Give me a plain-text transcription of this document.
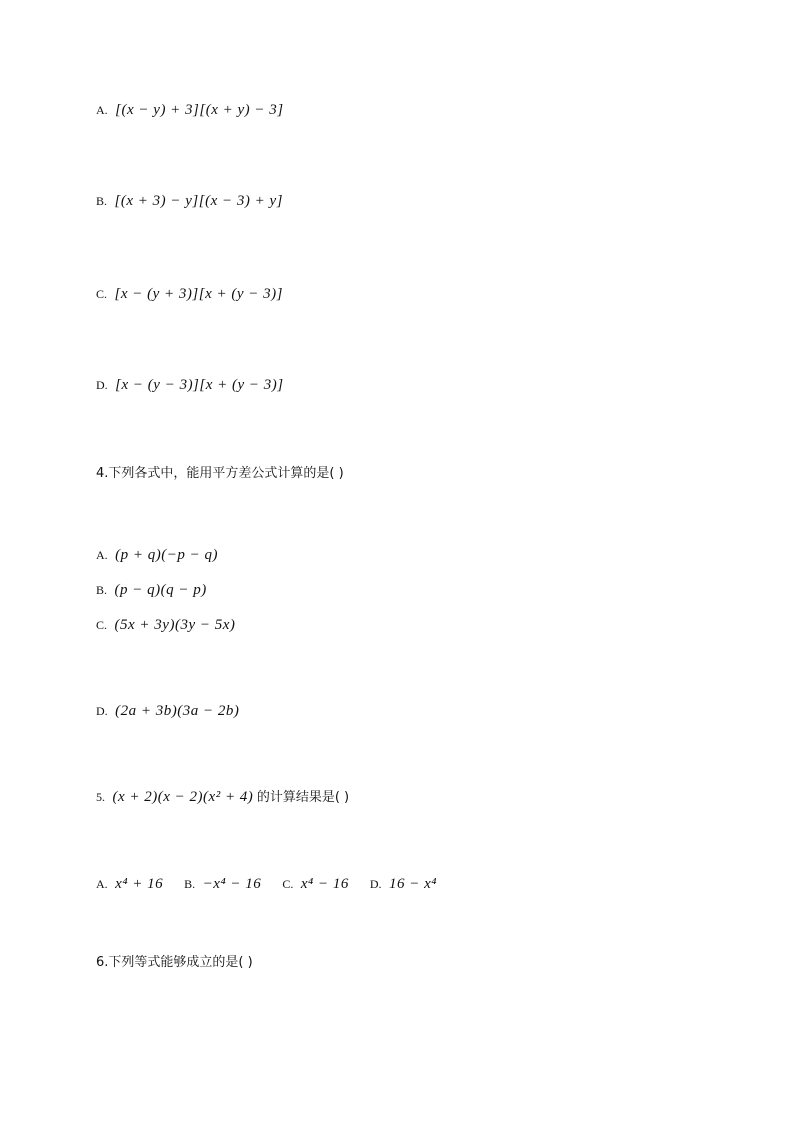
A. [(x − y) + 3][(x + y) − 3]
B. [(x + 3) − y][(x − 3) + y]
C. [x − (y + 3)][x + (y − 3)]
D. [x − (y − 3)][x + (y − 3)]
4.下列各式中，能用平方差公式计算的是( )
A. (p + q)(−p − q)
B. (p − q)(q − p)
C. (5x + 3y)(3y − 5x)
D. (2a + 3b)(3a − 2b)
5. (x + 2)(x − 2)(x² + 4) 的计算结果是( )
A. x⁴ + 16 B. −x⁴ − 16 C. x⁴ − 16 D. 16 − x⁴
6.下列等式能够成立的是( )
